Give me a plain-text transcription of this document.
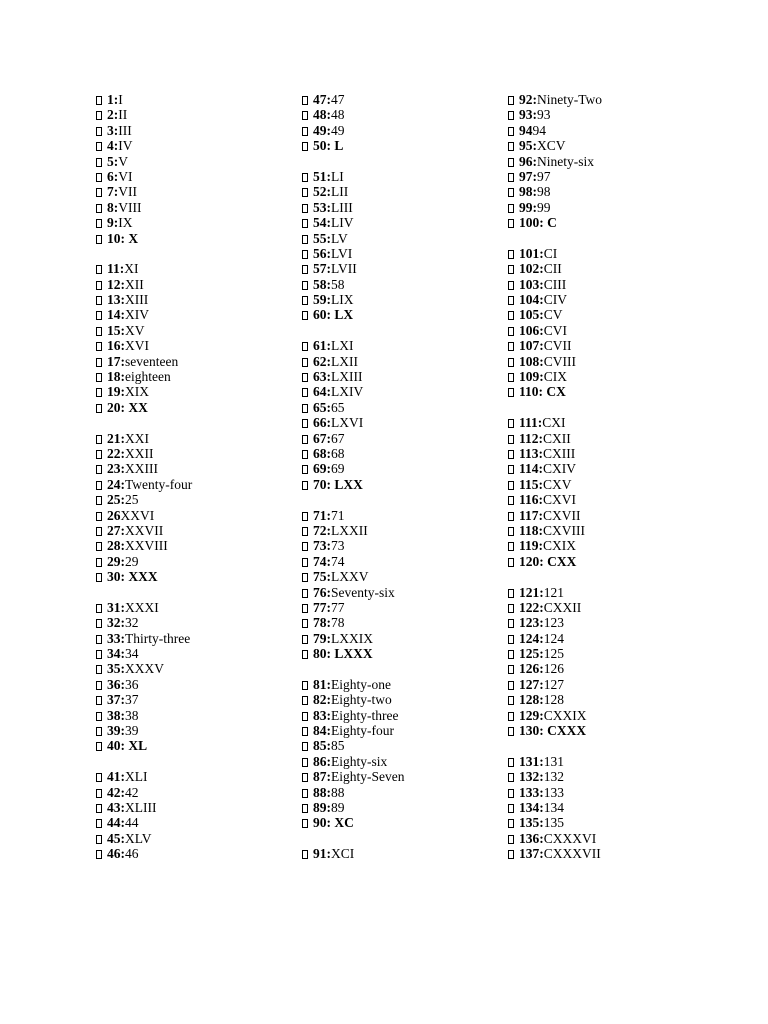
1:I
2:II
3:III
4:IV
5:V
6:VI
7:VII
8:VIII
9:IX
10: X
11:XI
12:XII
13:XIII
14:XIV
15:XV
16:XVI
17:seventeen
18:eighteen
19:XIX
20: XX
21:XXI
22:XXII
23:XXIII
24:Twenty-four
25:25
26XXVI
27:XXVII
28:XXVIII
29:29
30: XXX
31:XXXI
32:32
33:Thirty-three
34:34
35:XXXV
36:36
37:37
38:38
39:39
40: XL
41:XLI
42:42
43:XLIII
44:44
45:XLV
46:46
47:47
48:48
49:49
50: L
51:LI
52:LII
53:LIII
54:LIV
55:LV
56:LVI
57:LVII
58:58
59:LIX
60: LX
61:LXI
62:LXII
63:LXIII
64:LXIV
65:65
66:LXVI
67:67
68:68
69:69
70: LXX
71:71
72:LXXII
73:73
74:74
75:LXXV
76:Seventy-six
77:77
78:78
79:LXXIX
80: LXXX
81:Eighty-one
82:Eighty-two
83:Eighty-three
84:Eighty-four
85:85
86:Eighty-six
87:Eighty-Seven
88:88
89:89
90: XC
91:XCI
92:Ninety-Two
93:93
9494
95:XCV
96:Ninety-six
97:97
98:98
99:99
100: C
101:CI
102:CII
103:CIII
104:CIV
105:CV
106:CVI
107:CVII
108:CVIII
109:CIX
110: CX
111:CXI
112:CXII
113:CXIII
114:CXIV
115:CXV
116:CXVI
117:CXVII
118:CXVIII
119:CXIX
120: CXX
121:121
122:CXXII
123:123
124:124
125:125
126:126
127:127
128:128
129:CXXIX
130: CXXX
131:131
132:132
133:133
134:134
135:135
136:CXXXVI
137:CXXXVII
